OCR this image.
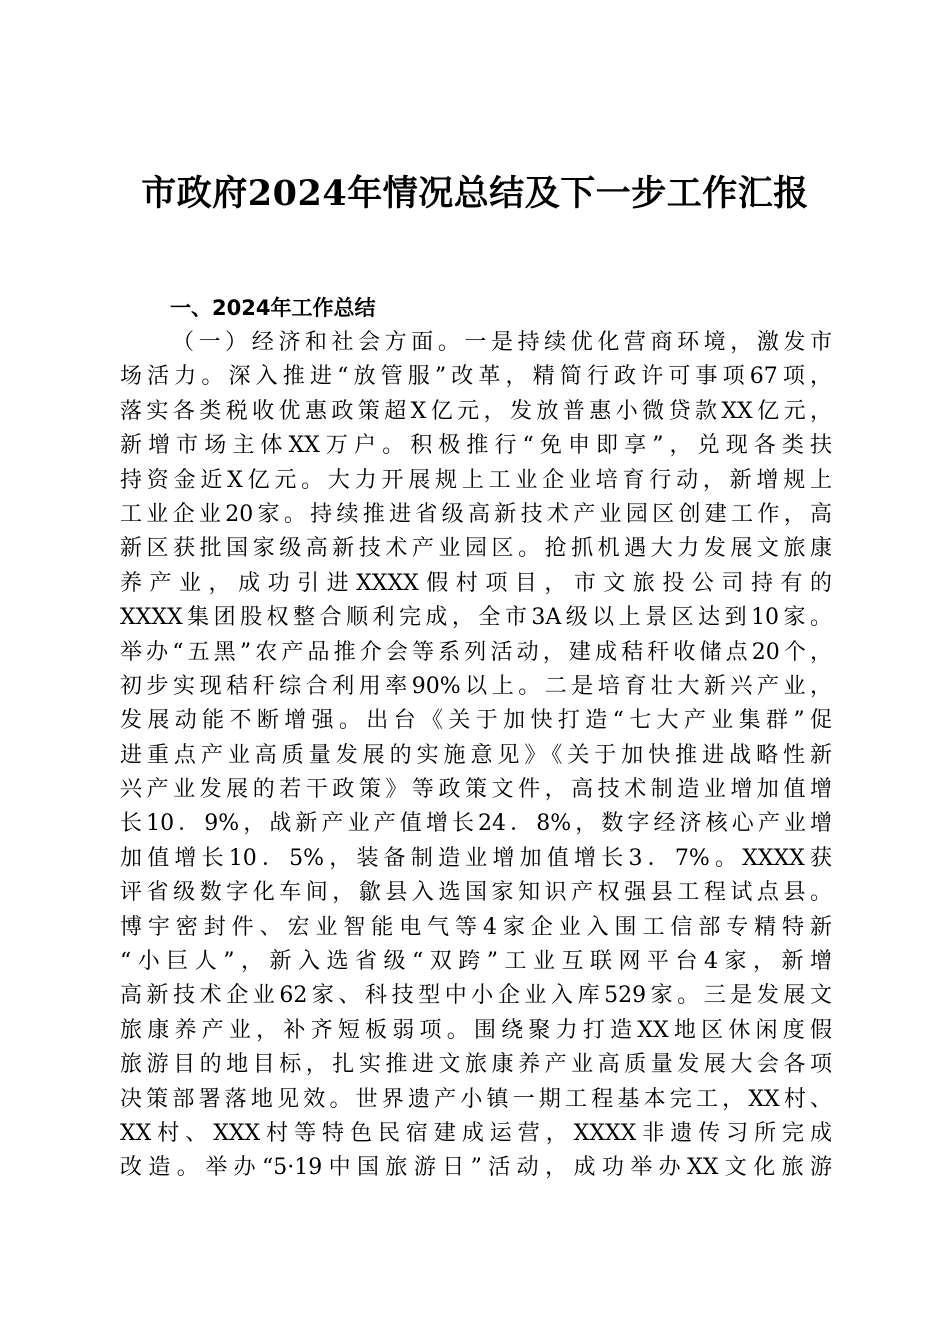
市政府2024年情况总结及下一步工作汇报
一、2024年工作总结
（一）经济和社会方面。一是持续优化营商环境，激发市
场活力。深入推进“放管服”改革，精简行政许可事项67项，
落实各类税收优惠政策超X亿元，发放普惠小微贷款XX亿元，
新增市场主体XX万户。积极推行“免申即享”，兑现各类扶
持资金近X亿元。大力开展规上工业企业培育行动，新增规上
工业企业20家。持续推进省级高新技术产业园区创建工作，高
新区获批国家级高新技术产业园区。抢抓机遇大力发展文旅康
养产业，成功引进XXXX假村项目，市文旅投公司持有的
XXXX集团股权整合顺利完成，全市3A级以上景区达到10家。
举办“五黑”农产品推介会等系列活动，建成秸秆收储点20个，
初步实现秸秆综合利用率90%以上。二是培育壮大新兴产业，
发展动能不断增强。出台《关于加快打造“七大产业集群”促
进重点产业高质量发展的实施意见》《关于加快推进战略性新
兴产业发展的若干政策》等政策文件，高技术制造业增加值增
长10．9%，战新产业产值增长24．8%，数字经济核心产业增
加值增长10．5%，装备制造业增加值增长3．7%。XXXX获
评省级数字化车间，歙县入选国家知识产权强县工程试点县。
博宇密封件、宏业智能电气等4家企业入围工信部专精特新
“小巨人”，新入选省级“双跨”工业互联网平台4家，新增
高新技术企业62家、科技型中小企业入库529家。三是发展文
旅康养产业，补齐短板弱项。围绕聚力打造XX地区休闲度假
旅游目的地目标，扎实推进文旅康养产业高质量发展大会各项
决策部署落地见效。世界遗产小镇一期工程基本完工，XX村、
XX村、XXX村等特色民宿建成运营，XXXX非遗传习所完成
改造。举办“5·19中国旅游日”活动，成功举办XX文化旅游
